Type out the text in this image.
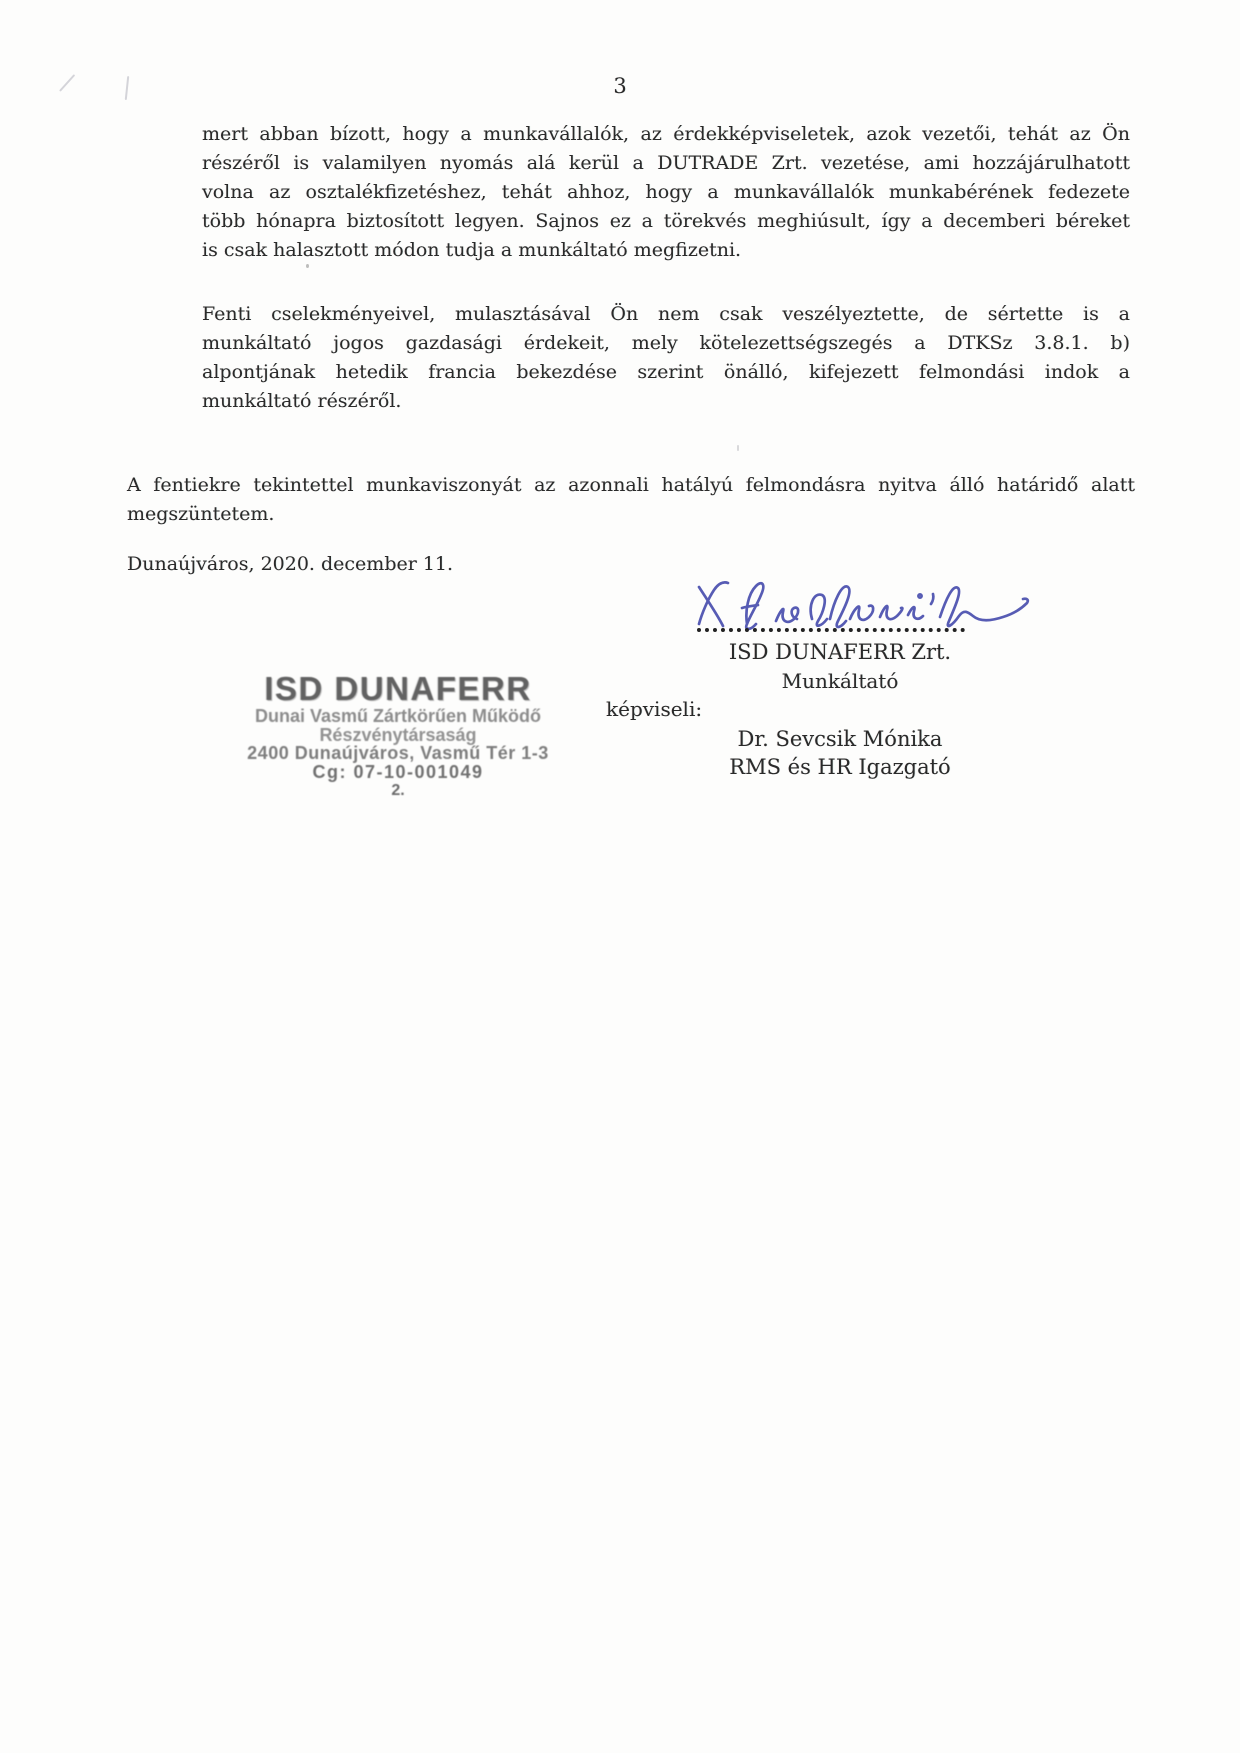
3
mert abban bízott, hogy a munkavállalók, az érdekképviseletek, azok vezetői, tehát az Ön
részéről is valamilyen nyomás alá kerül a DUTRADE Zrt. vezetése, ami hozzájárulhatott
volna az osztalékfizetéshez, tehát ahhoz, hogy a munkavállalók munkabérének fedezete
több hónapra biztosított legyen. Sajnos ez a törekvés meghiúsult, így a decemberi béreket
is csak halasztott módon tudja a munkáltató megfizetni.
Fenti cselekményeivel, mulasztásával Ön nem csak veszélyeztette, de sértette is a
munkáltató jogos gazdasági érdekeit, mely kötelezettségszegés a DTKSz 3.8.1. b)
alpontjának hetedik francia bekezdése szerint önálló, kifejezett felmondási indok a
munkáltató részéről.
A fentiekre tekintettel munkaviszonyát az azonnali hatályú felmondásra nyitva álló határidő alatt
megszüntetem.
Dunaújváros, 2020. december 11.
ISD DUNAFERR Zrt.
Munkáltató
képviseli:
Dr. Sevcsik Mónika
RMS és HR Igazgató
ISD DUNAFERR
Dunai Vasmű Zártkörűen Működő
Részvénytársaság
2400 Dunaújváros, Vasmű Tér 1-3
Cg: 07-10-001049
2.
